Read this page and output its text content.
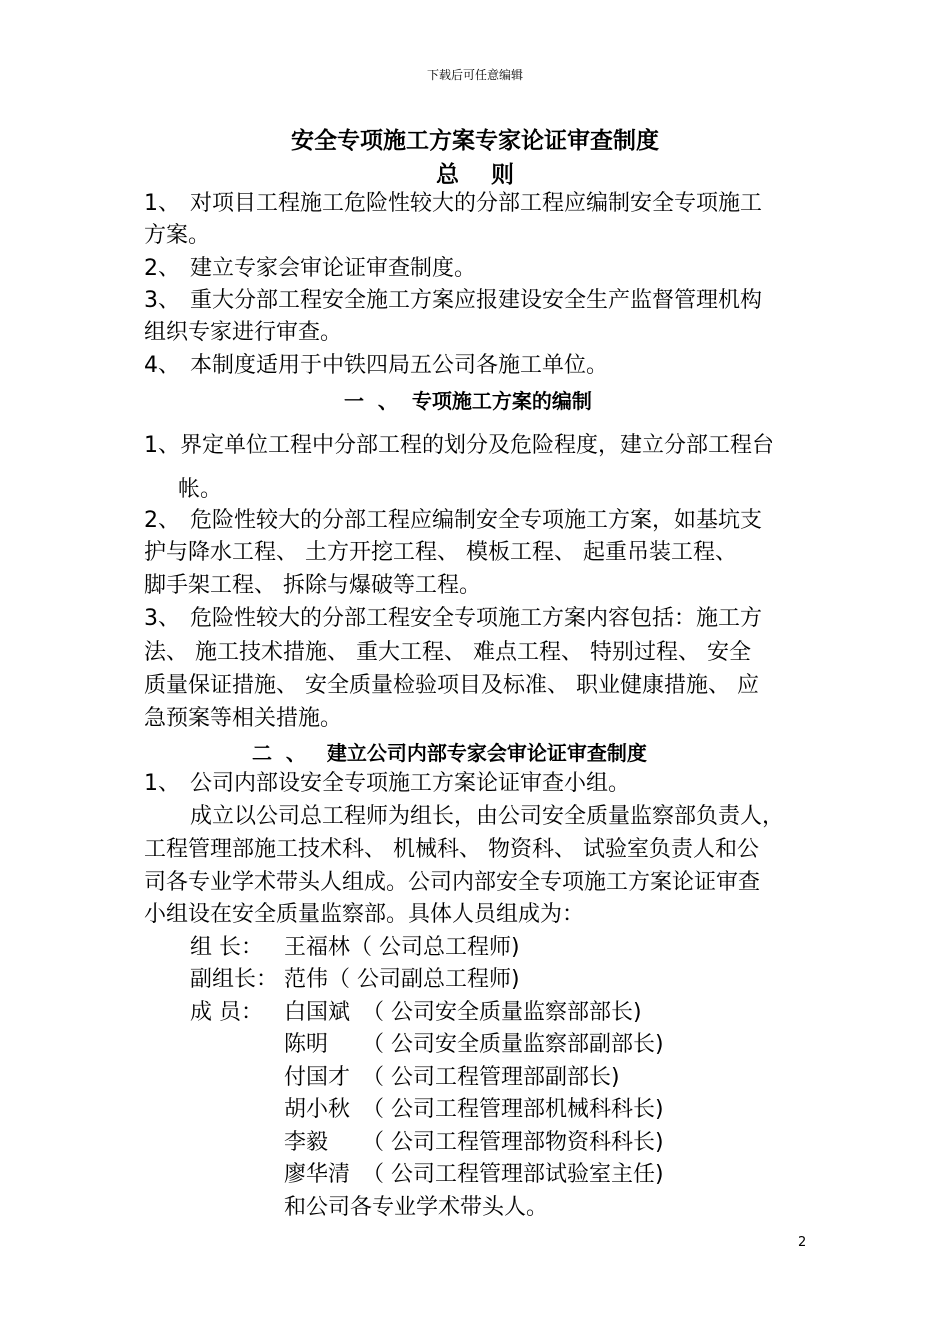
下载后可任意编辑
安全专项施工方案专家论证审查制度
总    则
1、 对项目工程施工危险性较大的分部工程应编制安全专项施工
方案。
2、 建立专家会审论证审查制度。
3、 重大分部工程安全施工方案应报建设安全生产监督管理机构
组织专家进行审查。
4、 本制度适用于中铁四局五公司各施工单位。
一  、  专项施工方案的编制
1、 界定单位工程中分部工程的划分及危险程度，建立分部工程台
帐。
2、 危险性较大的分部工程应编制安全专项施工方案，如基坑支
护与降水工程、 土方开挖工程、 模板工程、 起重吊装工程、
脚手架工程、 拆除与爆破等工程。
3、 危险性较大的分部工程安全专项施工方案内容包括：施工方
法、 施工技术措施、 重大工程、 难点工程、 特别过程、 安全
质量保证措施、 安全质量检验项目及标准、 职业健康措施、 应
急预案等相关措施。
二  、   建立公司内部专家会审论证审查制度
1、 公司内部设安全专项施工方案论证审查小组。
成立以公司总工程师为组长，由公司安全质量监察部负责人，
工程管理部施工技术科、 机械科、 物资科、 试验室负责人和公
司各专业学术带头人组成。公司内部安全专项施工方案论证审查
小组设在安全质量监察部。具体人员组成为：
组 长： 王福林（ 公司总工程师)
副组长： 范伟（ 公司副总工程师)
成 员： 白国斌 （ 公司安全质量监察部部长)
陈明 （ 公司安全质量监察部副部长)
付国才 （ 公司工程管理部副部长)
胡小秋 （ 公司工程管理部机械科科长)
李毅 （ 公司工程管理部物资科科长)
廖华清 （ 公司工程管理部试验室主任)
和公司各专业学术带头人。
2
